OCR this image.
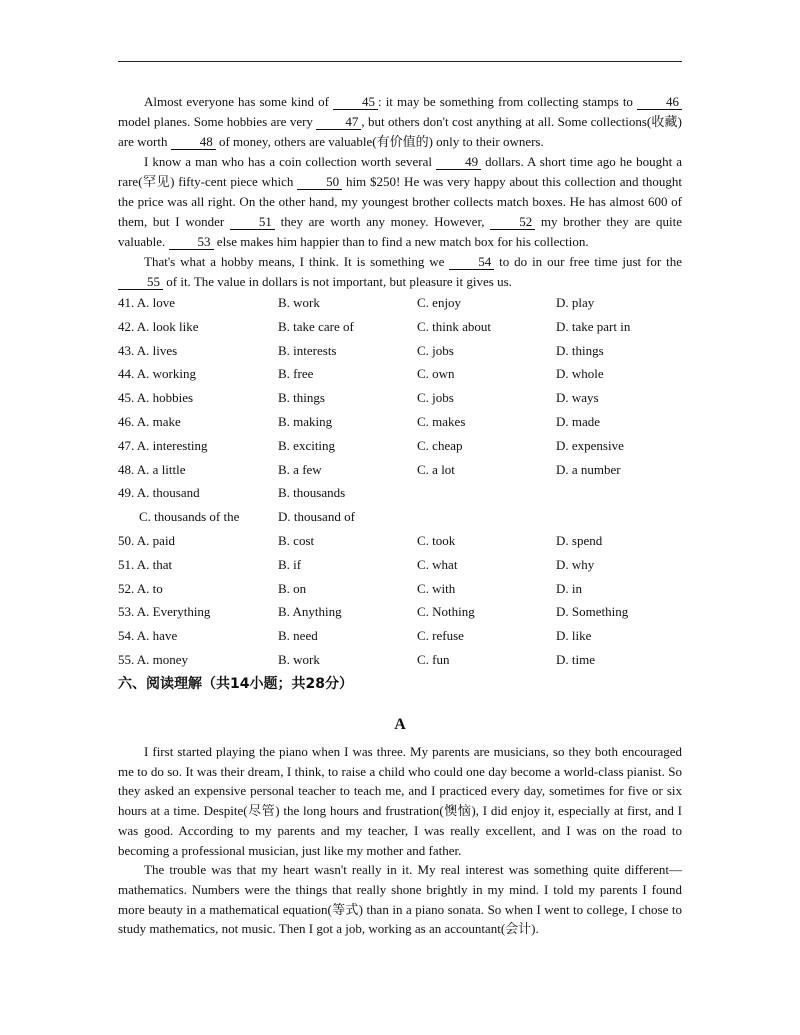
Almost everyone has some kind of 45 : it may be something from collecting stamps to 46 model planes. Some hobbies are very 47 , but others don't cost anything at all. Some collections(收藏) are worth 48 of money, others are valuable(有价值的) only to their owners.

I know a man who has a coin collection worth several 49 dollars. A short time ago he bought a rare(罕见) fifty-cent piece which 50 him $250! He was very happy about this collection and thought the price was all right. On the other hand, my youngest brother collects match boxes. He has almost 600 of them, but I wonder 51 they are worth any money. However, 52 my brother they are quite valuable. 53 else makes him happier than to find a new match box for his collection.

That's what a hobby means, I think. It is something we 54 to do in our free time just for the 55 of it. The value in dollars is not important, but pleasure it gives us.

41. A. love	B. work	C. enjoy	D. play
42. A. look like	B. take care of	C. think about	D. take part in
43. A. lives	B. interests	C. jobs	D. things
44. A. working	B. free	C. own	D. whole
45. A. hobbies	B. things	C. jobs	D. ways
46. A. make	B. making	C. makes	D. made
47. A. interesting	B. exciting	C. cheap	D. expensive
48. A. a little	B. a few	C. a lot	D. a number
49. A. thousand	B. thousands
C. thousands of the	D. thousand of
50. A. paid	B. cost	C. took	D. spend
51. A. that	B. if	C. what	D. why
52. A. to	B. on	C. with	D. in
53. A. Everything	B. Anything	C. Nothing	D. Something
54. A. have	B. need	C. refuse	D. like
55. A. money	B. work	C. fun	D. time
六、阅读理解（共14小题；共28分）
A

I first started playing the piano when I was three. My parents are musicians, so they both encouraged me to do so. It was their dream, I think, to raise a child who could one day become a world-class pianist. So they asked an expensive personal teacher to teach me, and I practiced every day, sometimes for five or six hours at a time. Despite(尽管) the long hours and frustration(懊恼), I did enjoy it, especially at first, and I was good. According to my parents and my teacher, I was really excellent, and I was on the road to becoming a professional musician, just like my mother and father.

The trouble was that my heart wasn't really in it. My real interest was something quite different—mathematics. Numbers were the things that really shone brightly in my mind. I told my parents I found more beauty in a mathematical equation(等式) than in a piano sonata. So when I went to college, I chose to study mathematics, not music. Then I got a job, working as an accountant(会计).
